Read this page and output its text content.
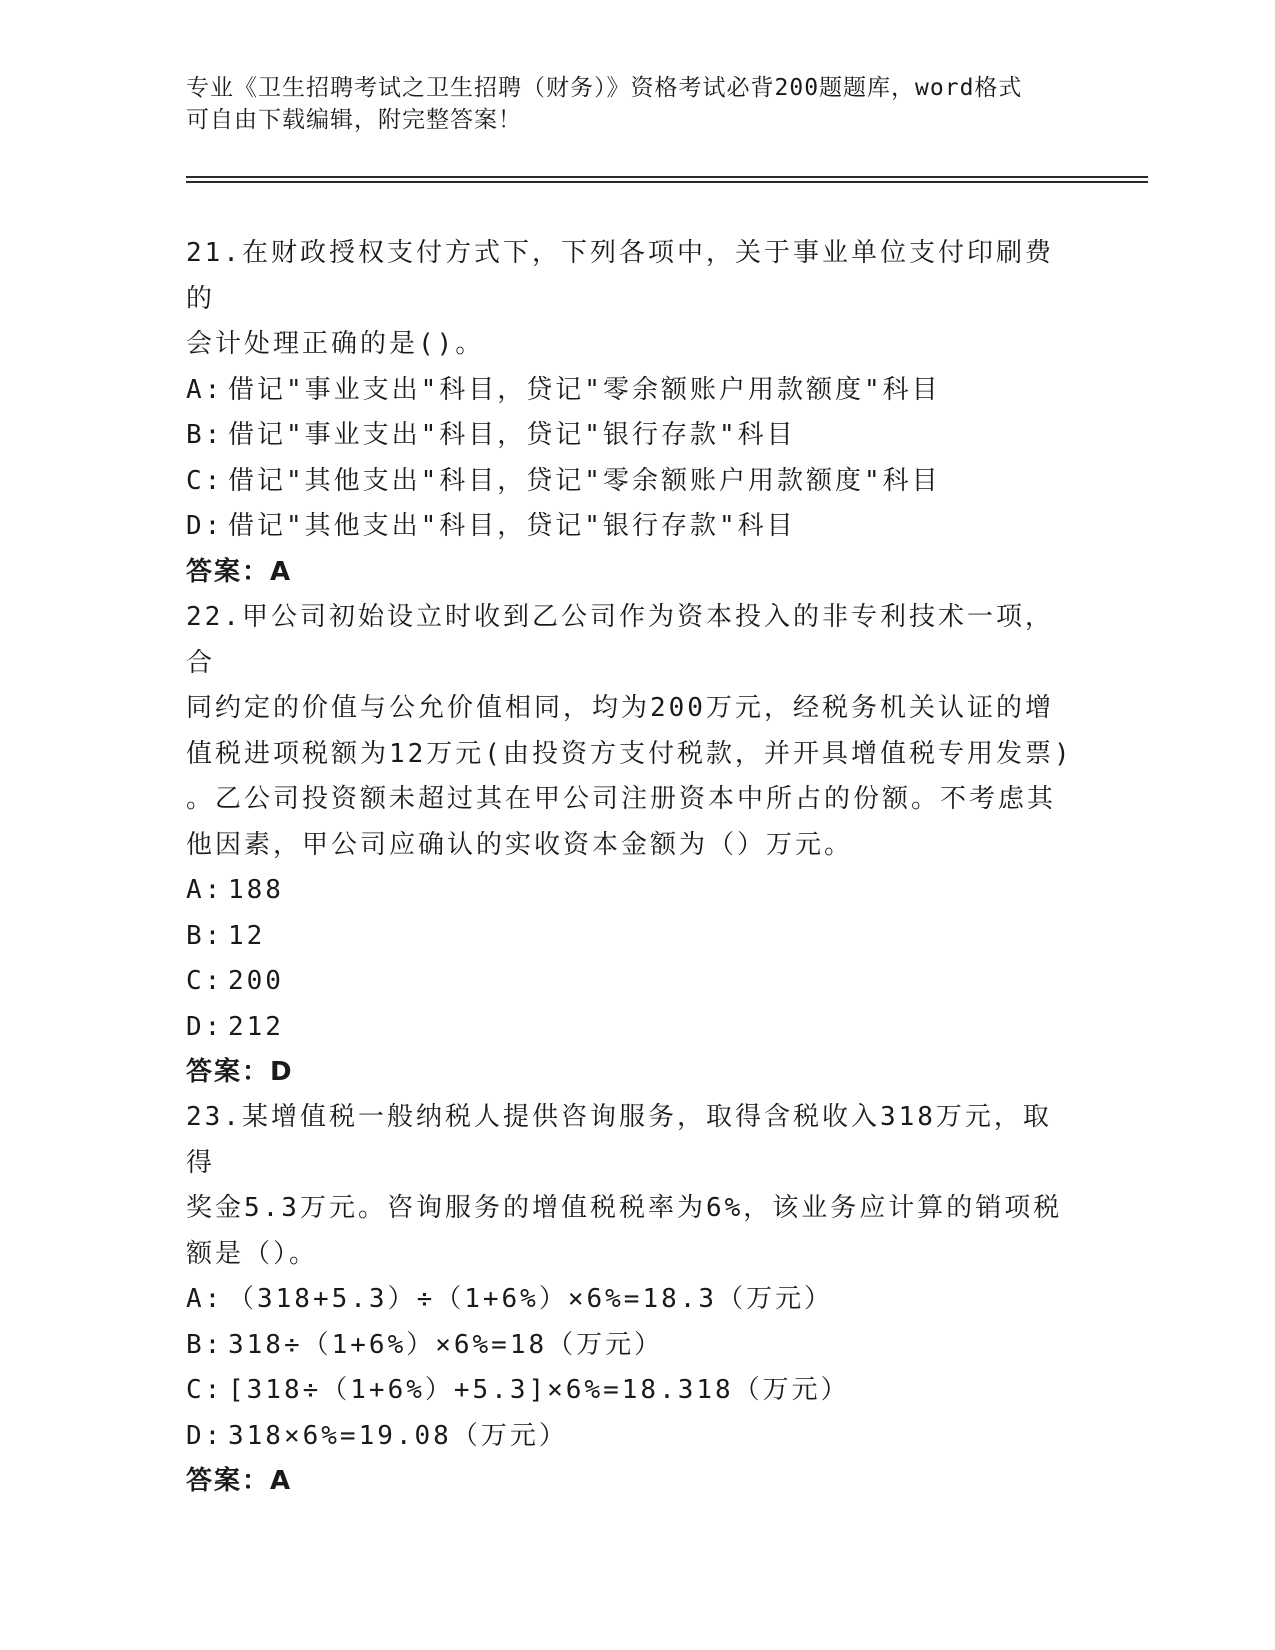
专业《卫生招聘考试之卫生招聘（财务）》资格考试必背200题题库，word格式
可自由下载编辑，附完整答案！
21.在财政授权支付方式下，下列各项中，关于事业单位支付印刷费的
会计处理正确的是()。
A: 借记"事业支出"科目，贷记"零余额账户用款额度"科目
B: 借记"事业支出"科目，贷记"银行存款"科目
C: 借记"其他支出"科目，贷记"零余额账户用款额度"科目
D: 借记"其他支出"科目，贷记"银行存款"科目
答案：A
22.甲公司初始设立时收到乙公司作为资本投入的非专利技术一项，合
同约定的价值与公允价值相同，均为200万元，经税务机关认证的增
值税进项税额为12万元(由投资方支付税款，并开具增值税专用发票)
。乙公司投资额未超过其在甲公司注册资本中所占的份额。不考虑其
他因素，甲公司应确认的实收资本金额为（）万元。
A: 188
B: 12
C: 200
D: 212
答案：D
23.某增值税一般纳税人提供咨询服务，取得含税收入318万元，取得
奖金5.3万元。咨询服务的增值税税率为6%，该业务应计算的销项税
额是（）。
A: （318+5.3）÷（1+6%）×6%=18.3（万元）
B: 318÷（1+6%）×6%=18（万元）
C: [318÷（1+6%）+5.3]×6%=18.318（万元）
D: 318×6%=19.08（万元）
答案：A
